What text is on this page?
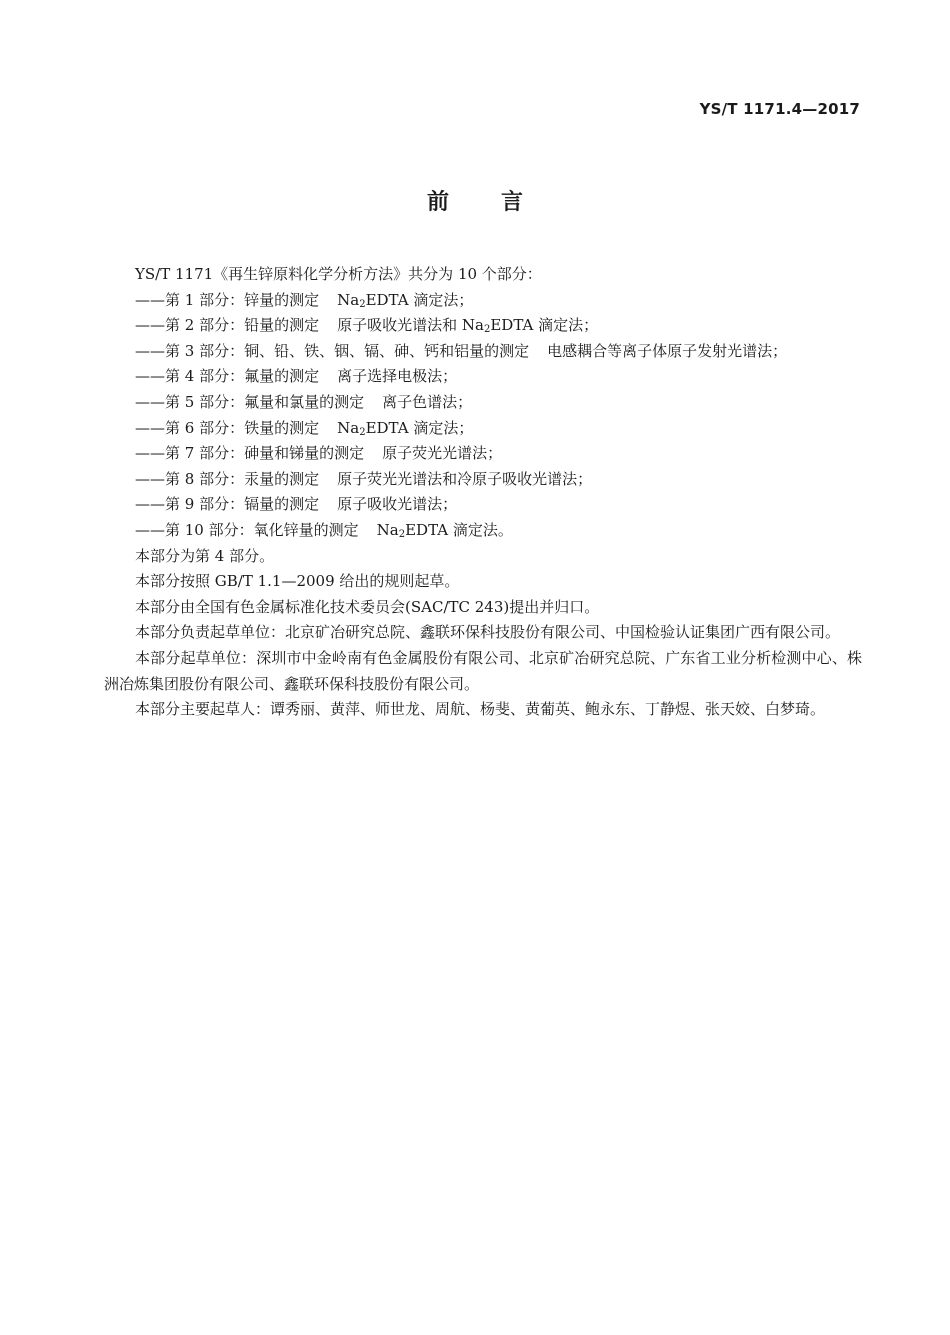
YS/T 1171.4—2017
前言

YS/T 1171《再生锌原料化学分析方法》共分为 10 个部分：

——第 1 部分：锌量的测定 $Na_2EDTA$ 滴定法；
——第 2 部分：铅量的测定 原子吸收光谱法和 $Na_2EDTA$ 滴定法；
——第 3 部分：铜、铅、铁、铟、镉、砷、钙和铝量的测定 电感耦合等离子体原子发射光谱法；
——第 4 部分：氟量的测定 离子选择电极法；
——第 5 部分：氟量和氯量的测定 离子色谱法；
——第 6 部分：铁量的测定 $Na_2EDTA$ 滴定法；
——第 7 部分：砷量和锑量的测定 原子荧光光谱法；
——第 8 部分：汞量的测定 原子荧光光谱法和冷原子吸收光谱法；
——第 9 部分：镉量的测定 原子吸收光谱法；
——第 10 部分：氧化锌量的测定 $Na_2EDTA$ 滴定法。

本部分为第 4 部分。

本部分按照 GB/T 1.1—2009 给出的规则起草。

本部分由全国有色金属标准化技术委员会(SAC/TC 243)提出并归口。

本部分负责起草单位：北京矿冶研究总院、鑫联环保科技股份有限公司、中国检验认证集团广西有限公司。

本部分起草单位：深圳市中金岭南有色金属股份有限公司、北京矿冶研究总院、广东省工业分析检测中心、株洲冶炼集团股份有限公司、鑫联环保科技股份有限公司。

本部分主要起草人：谭秀丽、黄萍、师世龙、周航、杨斐、黄葡英、鲍永东、丁静煜、张天姣、白梦琦。
